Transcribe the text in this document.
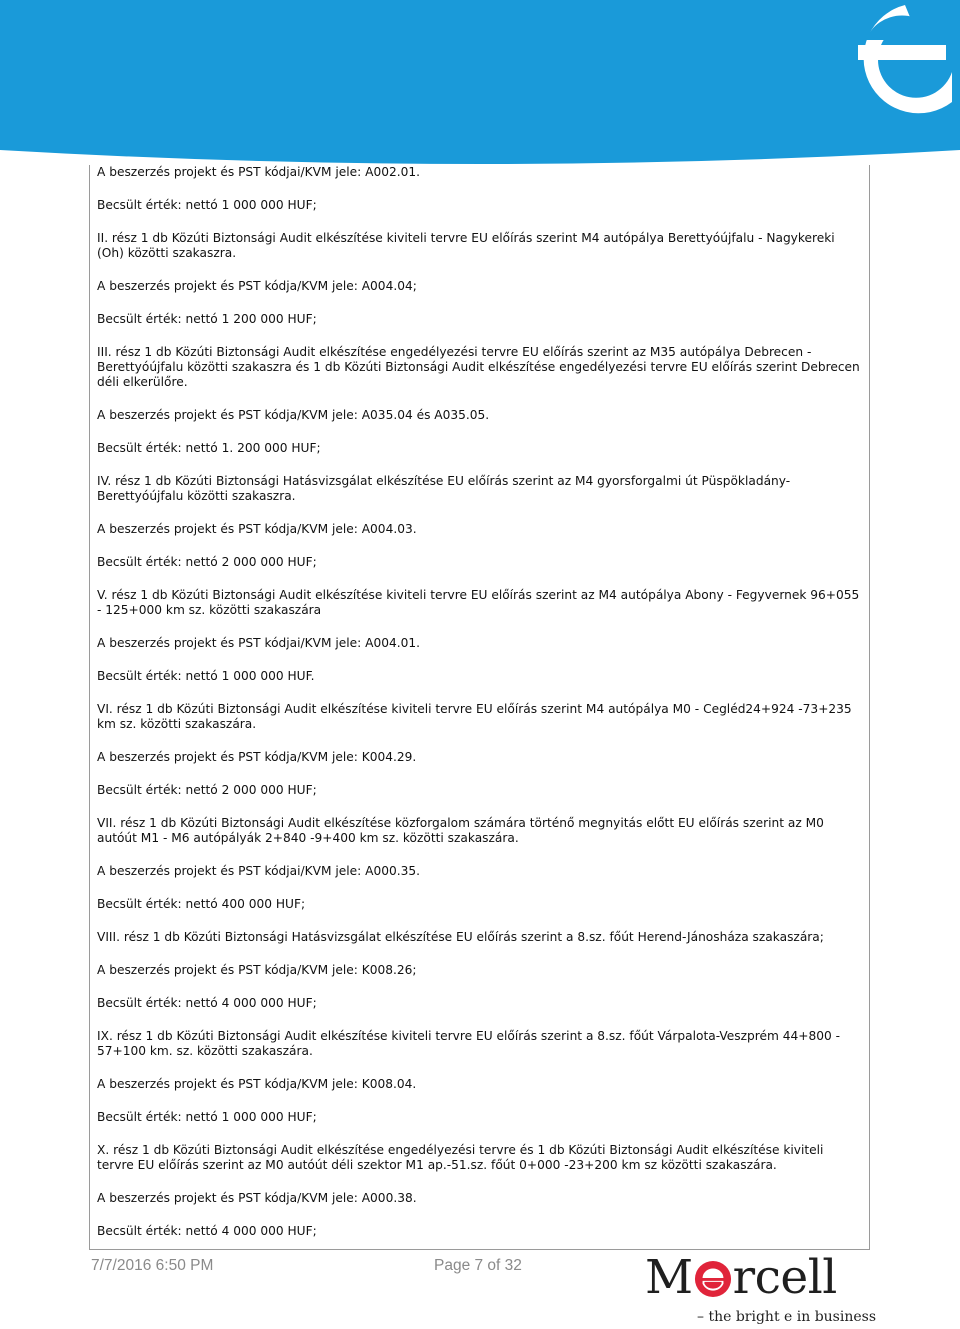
A beszerzés projekt és PST kódjai/KVM jele: A002.01.

Becsült érték: nettó 1 000 000 HUF;

II. rész 1 db Közúti Biztonsági Audit elkészítése kiviteli tervre EU előírás szerint M4 autópálya Berettyóújfalu - Nagykereki (Oh) közötti szakaszra.

A beszerzés projekt és PST kódja/KVM jele: A004.04;

Becsült érték: nettó 1 200 000 HUF;

III. rész 1 db Közúti Biztonsági Audit elkészítése engedélyezési tervre EU előírás szerint az M35 autópálya Debrecen - Berettyóújfalu közötti szakaszra és 1 db Közúti Biztonsági Audit elkészítése engedélyezési tervre EU előírás szerint Debrecen déli elkerülőre.

A beszerzés projekt és PST kódja/KVM jele: A035.04 és A035.05.

Becsült érték: nettó 1. 200 000 HUF;

IV. rész 1 db Közúti Biztonsági Hatásvizsgálat elkészítése EU előírás szerint az M4 gyorsforgalmi út Püspökladány-Berettyóújfalu közötti szakaszra.

A beszerzés projekt és PST kódja/KVM jele: A004.03.

Becsült érték: nettó 2 000 000 HUF;

V. rész 1 db Közúti Biztonsági Audit elkészítése kiviteli tervre EU előírás szerint az M4 autópálya Abony - Fegyvernek 96+055 - 125+000 km sz. közötti szakaszára

A beszerzés projekt és PST kódjai/KVM jele: A004.01.

Becsült érték: nettó 1 000 000 HUF.

VI. rész 1 db Közúti Biztonsági Audit elkészítése kiviteli tervre EU előírás szerint M4 autópálya M0 - Cegléd24+924 -73+235 km sz. közötti szakaszára.

A beszerzés projekt és PST kódja/KVM jele: K004.29.

Becsült érték: nettó 2 000 000 HUF;

VII. rész 1 db Közúti Biztonsági Audit elkészítése közforgalom számára történő megnyitás előtt EU előírás szerint az M0 autóút M1 - M6 autópályák 2+840 -9+400 km sz. közötti szakaszára.

A beszerzés projekt és PST kódjai/KVM jele: A000.35.

Becsült érték: nettó 400 000 HUF;

VIII. rész 1 db Közúti Biztonsági Hatásvizsgálat elkészítése EU előírás szerint a 8.sz. főút Herend-Jánosháza szakaszára;

A beszerzés projekt és PST kódja/KVM jele: K008.26;

Becsült érték: nettó 4 000 000 HUF;

IX. rész 1 db Közúti Biztonsági Audit elkészítése kiviteli tervre EU előírás szerint a 8.sz. főút Várpalota-Veszprém 44+800 - 57+100 km. sz. közötti szakaszára.

A beszerzés projekt és PST kódja/KVM jele: K008.04.

Becsült érték: nettó 1 000 000 HUF;

X. rész 1 db Közúti Biztonsági Audit elkészítése engedélyezési tervre és 1 db Közúti Biztonsági Audit elkészítése kiviteli tervre EU előírás szerint az M0 autóút déli szektor M1 ap.-51.sz. főút 0+000 -23+200 km sz közötti szakaszára.

A beszerzés projekt és PST kódja/KVM jele: A000.38.

Becsült érték: nettó 4 000 000 HUF;

7/7/2016 6:50 PM	Page 7 of 32	M rcell
– the bright e in business
